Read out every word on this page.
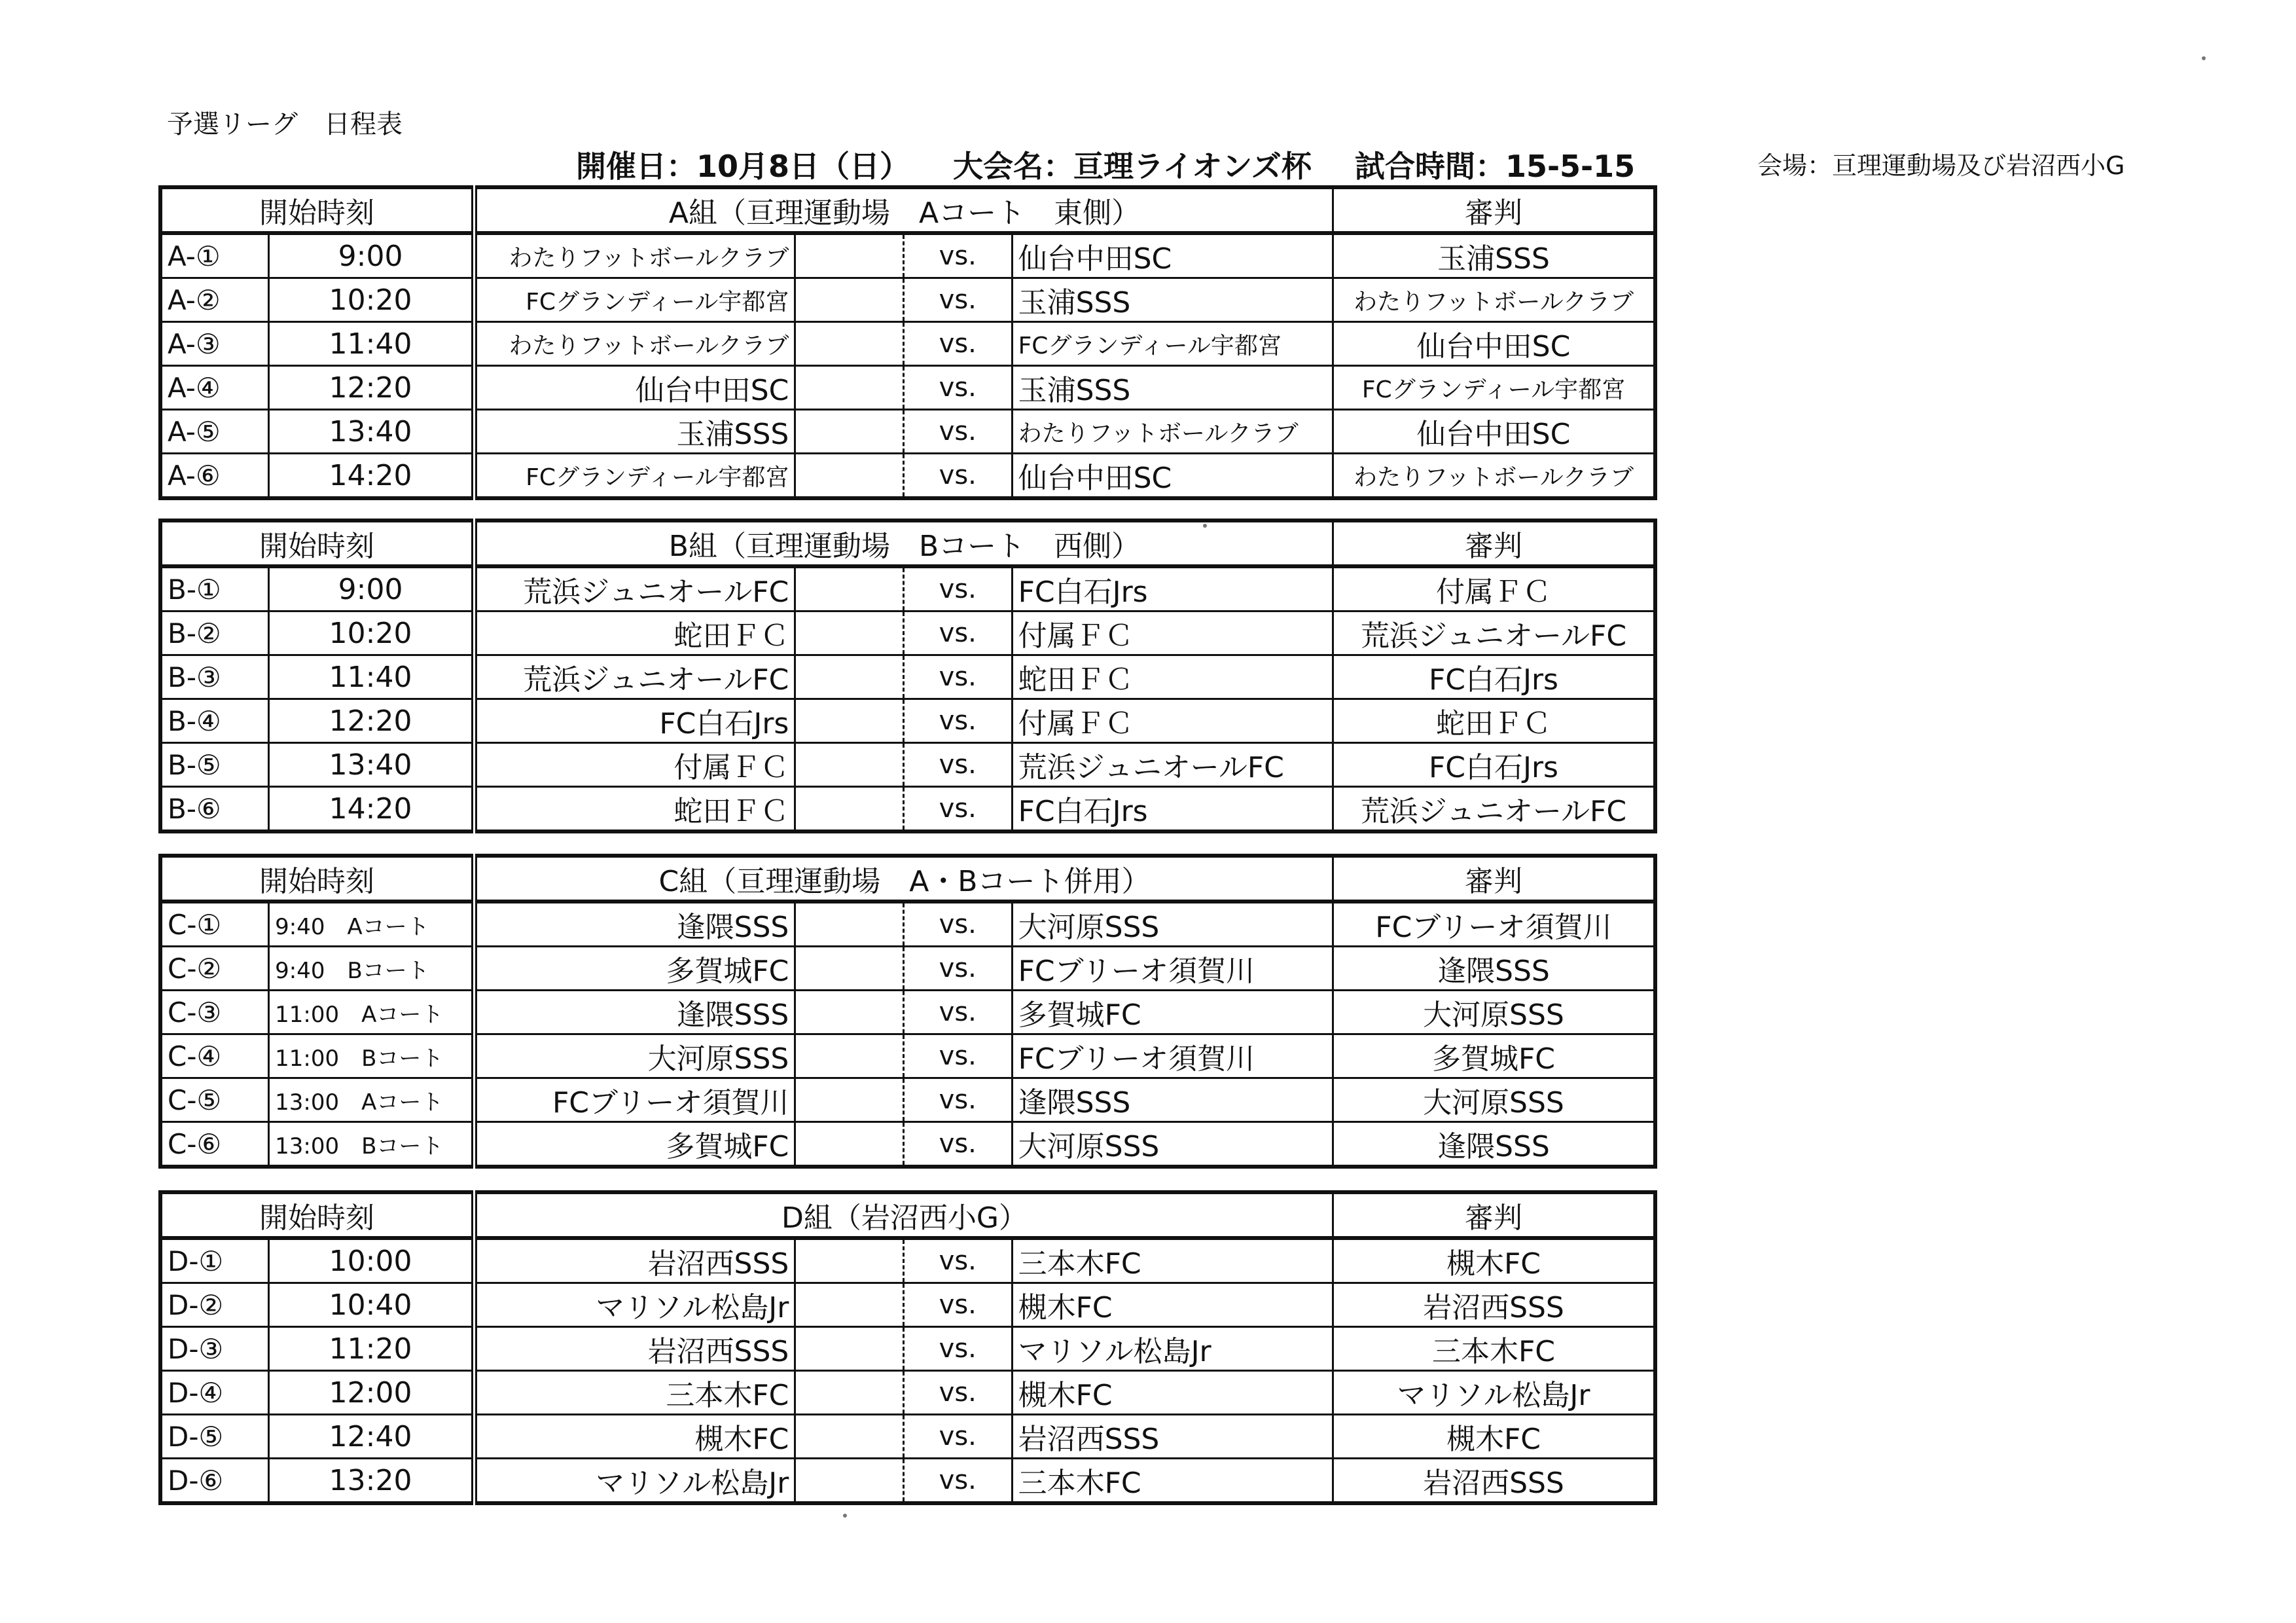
予選リーグ　日程表
開催日：10月8日（日） 大会名：亘理ライオンズ杯 試合時間：15-5-15	会場：亘理運動場及び岩沼西小G
開始時刻		A組（亘理運動場　Aコート　東側）				審判
A-①	9:00	わたりフットボールクラブ		vs.	仙台中田SC	玉浦SSS
A-②	10:20	FCグランディール宇都宮		vs.	玉浦SSS	わたりフットボールクラブ
A-③	11:40	わたりフットボールクラブ		vs.	FCグランディール宇都宮	仙台中田SC
A-④	12:20	仙台中田SC		vs.	玉浦SSS	FCグランディール宇都宮
A-⑤	13:40	玉浦SSS		vs.	わたりフットボールクラブ	仙台中田SC
A-⑥	14:20	FCグランディール宇都宮		vs.	仙台中田SC	わたりフットボールクラブ
開始時刻		B組（亘理運動場　Bコート　西側）				審判
B-①	9:00	荒浜ジュニオールFC		vs.	FC白石Jrs	付属ＦＣ
B-②	10:20	蛇田ＦＣ		vs.	付属ＦＣ	荒浜ジュニオールFC
B-③	11:40	荒浜ジュニオールFC		vs.	蛇田ＦＣ	FC白石Jrs
B-④	12:20	FC白石Jrs		vs.	付属ＦＣ	蛇田ＦＣ
B-⑤	13:40	付属ＦＣ		vs.	荒浜ジュニオールFC	FC白石Jrs
B-⑥	14:20	蛇田ＦＣ		vs.	FC白石Jrs	荒浜ジュニオールFC
開始時刻		C組（亘理運動場　A・Bコート併用）				審判
C-①	9:40　Aコート	逢隈SSS		vs.	大河原SSS	FCブリーオ須賀川
C-②	9:40　Bコート	多賀城FC		vs.	FCブリーオ須賀川	逢隈SSS
C-③	11:00　Aコート	逢隈SSS		vs.	多賀城FC	大河原SSS
C-④	11:00　Bコート	大河原SSS		vs.	FCブリーオ須賀川	多賀城FC
C-⑤	13:00　Aコート	FCブリーオ須賀川		vs.	逢隈SSS	大河原SSS
C-⑥	13:00　Bコート	多賀城FC		vs.	大河原SSS	逢隈SSS
開始時刻		D組（岩沼西小G）				審判
D-①	10:00	岩沼西SSS		vs.	三本木FC	槻木FC
D-②	10:40	マリソル松島Jr		vs.	槻木FC	岩沼西SSS
D-③	11:20	岩沼西SSS		vs.	マリソル松島Jr	三本木FC
D-④	12:00	三本木FC		vs.	槻木FC	マリソル松島Jr
D-⑤	12:40	槻木FC		vs.	岩沼西SSS	槻木FC
D-⑥	13:20	マリソル松島Jr		vs.	三本木FC	岩沼西SSS
